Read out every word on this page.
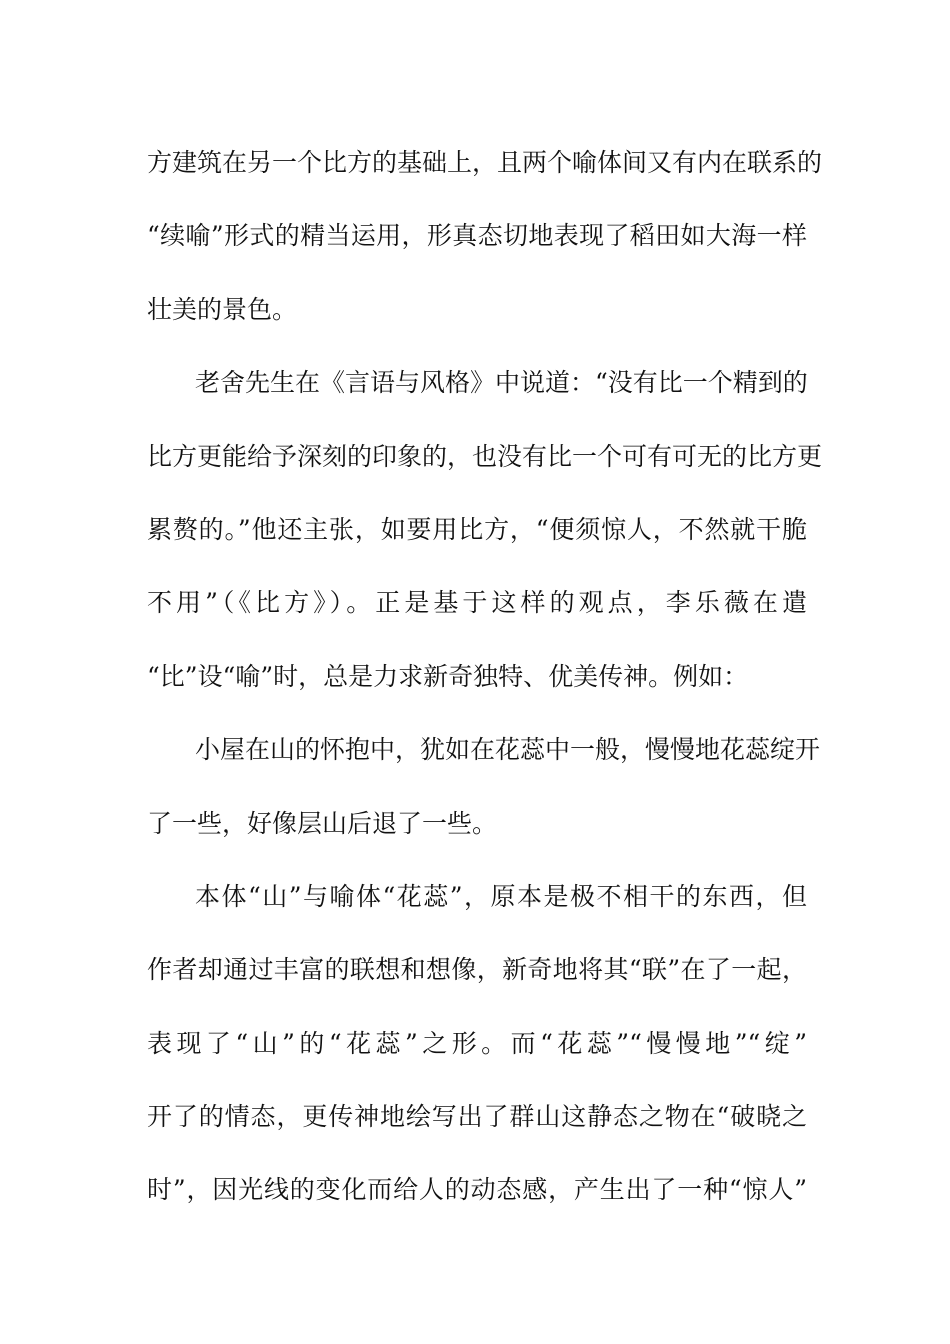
方建筑在另一个比方的基础上，且两个喻体间又有内在联系的
“续喻”形式的精当运用，形真态切地表现了稻田如大海一样
壮美的景色。
老舍先生在《言语与风格》中说道：“没有比一个精到的
比方更能给予深刻的印象的，也没有比一个可有可无的比方更
累赘的。”他还主张，如要用比方，“便须惊人，不然就干脆
不用”（《比方》）。正是基于这样的观点，李乐薇在遣
“比”设“喻”时，总是力求新奇独特、优美传神。例如：
小屋在山的怀抱中，犹如在花蕊中一般，慢慢地花蕊绽开
了一些，好像层山后退了一些。
本体“山”与喻体“花蕊”，原本是极不相干的东西，但
作者却通过丰富的联想和想像，新奇地将其“联”在了一起，
表现了“山”的“花蕊”之形。而“花蕊”“慢慢地”“绽”
开了的情态，更传神地绘写出了群山这静态之物在“破晓之
时”，因光线的变化而给人的动态感，产生出了一种“惊人”
